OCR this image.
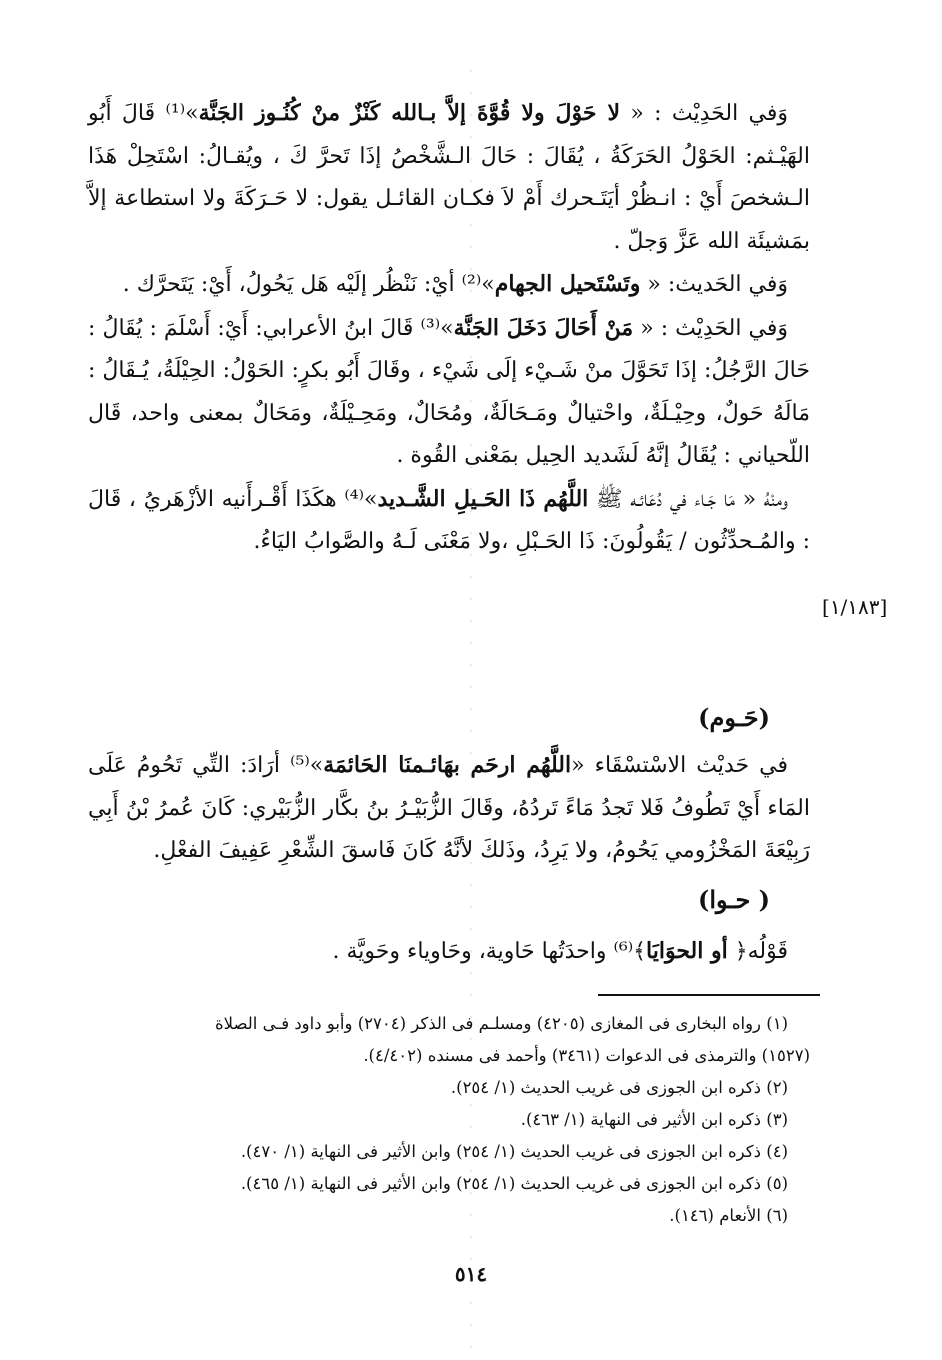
وَفي الحَدِيْث : « لا حَوْلَ ولا قُوَّةَ إلاَّ بـالله كَنْزٌ منْ كُنُـوز الجَنَّة»⁽¹⁾ قَالَ أَبُو الهَيْـثم: الحَوْلُ الحَرَكَةُ ، يُقَالَ : حَالَ الـشَّخْصُ إذَا تَحرَّ كَ ، ويُقـالُ: اسْتَحِلْ هَذَا الـشخصَ أَيْ : انـظُرْ أيَتَـحرك أَمْ لاَ فكـان القائـل يقول: لا حَـرَكَةَ ولا استطاعة إلاَّ بمَشيئَة الله عَزَّ وَجلّ .

وَفي الحَديث: « وتَسْتَحيل الجهام»⁽²⁾ أيْ: نَنْظُر إلَيْه هَل يَحُولُ، أَيْ: يَتَحرَّك .

وَفي الحَدِيْث : « مَنْ أَحَالَ دَخَلَ الجَنَّة»⁽³⁾ قَالَ ابنُ الأعرابي: أَيْ: أَسْلَمَ : يُقَالُ : حَالَ الرَّجُلُ: إذَا تَحَوَّلَ منْ شَـيْء إلَى شَيْء ، وقَالَ أَبُو بكرٍ: الحَوْلُ: الحِيْلَةُ، يُـقَالُ : مَالَهُ حَولٌ، وحِيْـلَةٌ، واحْتيالٌ ومَـحَالَةٌ، ومُحَالٌ، ومَحِـيْلَةٌ، ومَحَالٌ بمعنى واحد، قَال اللّحياني : يُقَالُ إنَّهُ لَشَديد الحِيل بمَعْنى القُوة .

ومنْهُ « مَا جَـاء في دُعَائـه ﷺ اللَّهُم ذَا الحَـيلِ الشَّـديد»⁽⁴⁾ هكَذَا أَقْـرأَنيه الأزْهَريُ ، قَالَ : والمُـحدِّثُون / يَقُولُونَ: ذَا الحَـبْلِ ،ولا مَعْنَى لَـهُ والصَّوابُ اليَاءُ.

(حَـوم)

في حَديْث الاسْتسْقَاء «اللَّهُم ارحَم بهَائـمنَا الحَائمَة»⁽⁵⁾ أرَادَ: التِّي تَحُومُ عَلَى المَاء أَيْ تَطُوفُ فَلا تَجدُ مَاءً تَردُهُ، وقَالَ الزُّبَيْـرُ بنُ بكَّار الزُّبَيْري: كَانَ عُمرُ بْنُ أَبِي رَبِيْعَةَ المَخْزُومي يَحُومُ، ولا يَرِدُ، وذَلكَ لأنَّهُ كَانَ فَاسقَ الشِّعْرِ عَفِيفَ الفعْلِ.

( حـوا)

قَوْلُه﴿ أو الحوَايَا﴾⁽⁶⁾ واحدَتُها حَاوية، وحَاوياء وحَويَّة .

[١/١٨٣]

(١) رواه البخارى فى المغازى (٤٢٠٥) ومسلـم فى الذكر (٢٧٠٤) وأبو داود فـى الصلاة

(١٥٢٧) والترمذى فى الدعوات (٣٤٦١) وأحمد فى مسنده (٤/٤٠٢).

(٢) ذكره ابن الجوزى فى غريب الحديث (١/ ٢٥٤).

(٣) ذكره ابن الأثير فى النهاية (١/ ٤٦٣).

(٤) ذكره ابن الجوزى فى غريب الحديث (١/ ٢٥٤) وابن الأثير فى النهاية (١/ ٤٧٠).

(٥) ذكره ابن الجوزى فى غريب الحديث (١/ ٢٥٤) وابن الأثير فى النهاية (١/ ٤٦٥).

(٦) الأنعام (١٤٦).

٥١٤
